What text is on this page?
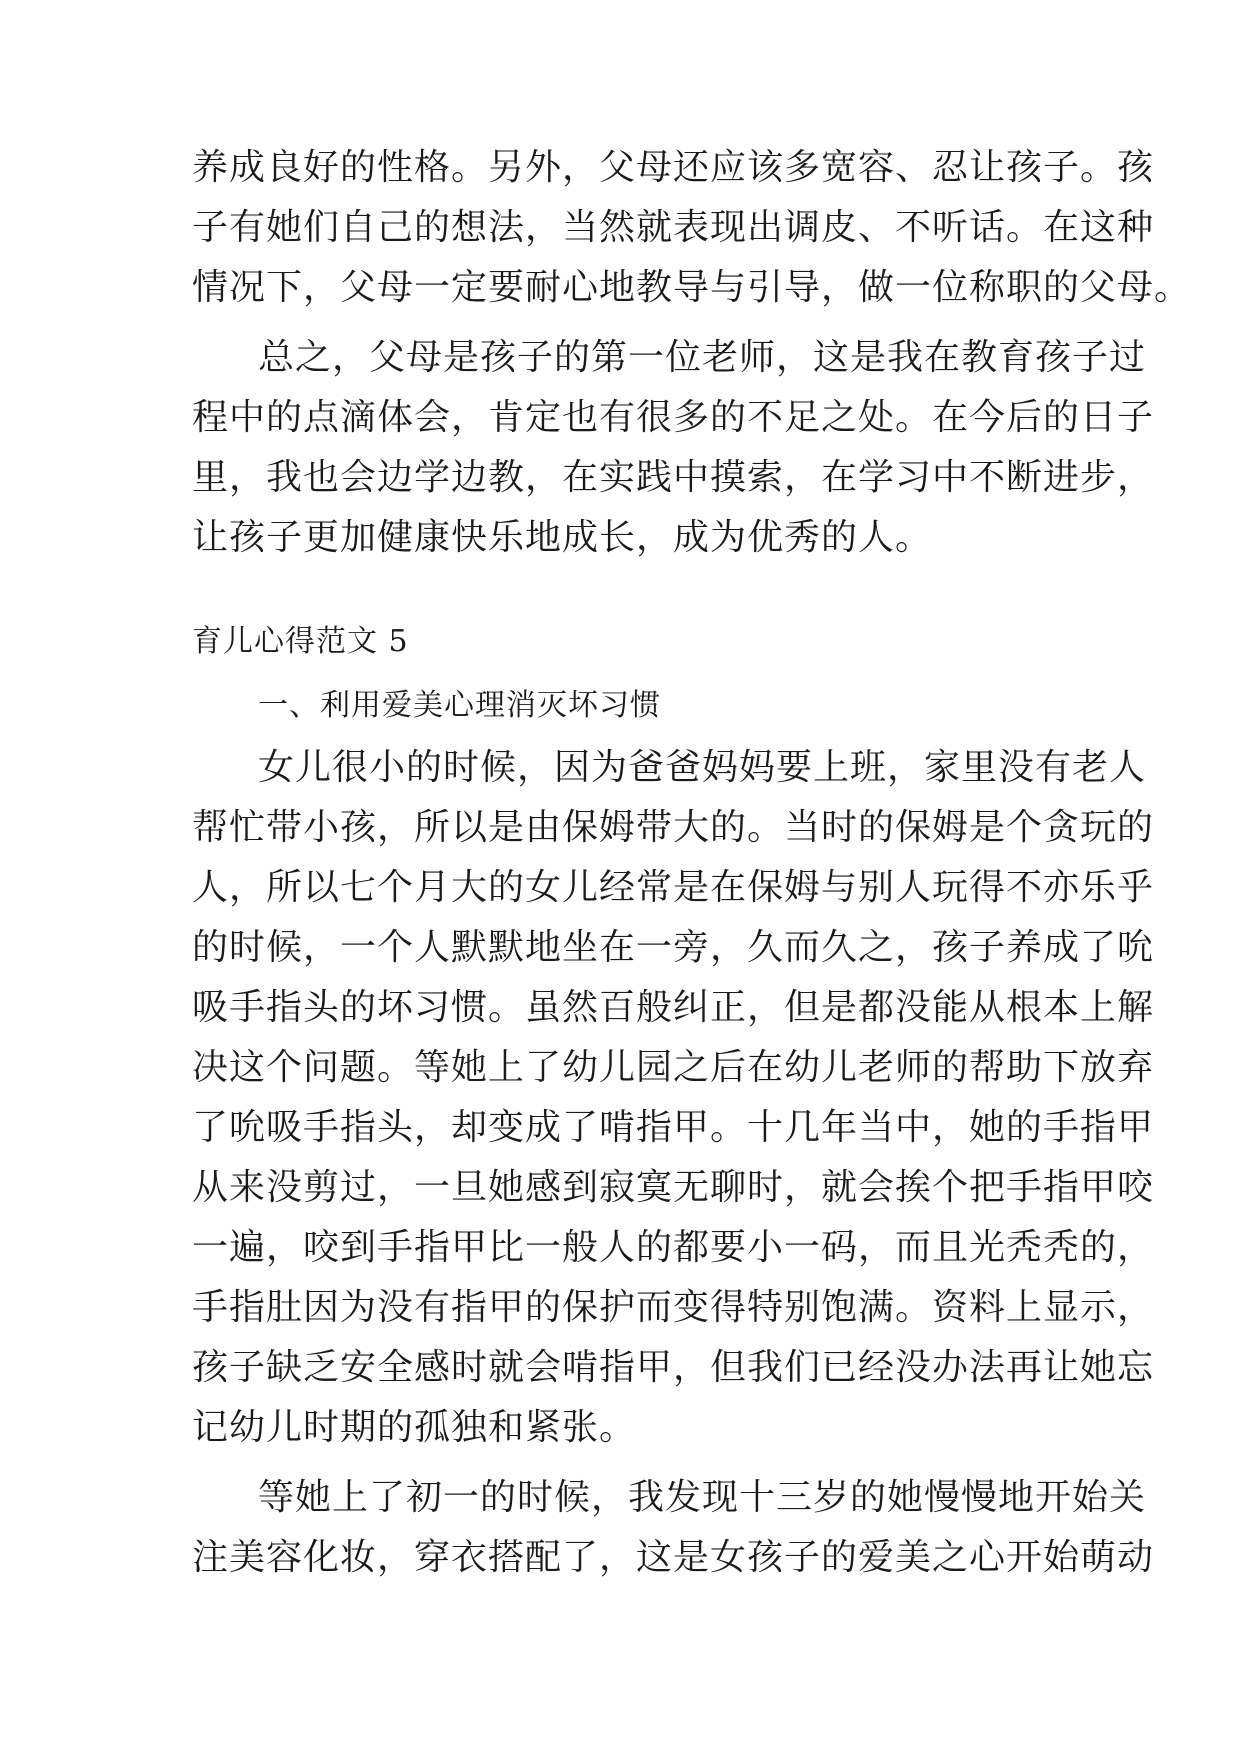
养成良好的性格。另外，父母还应该多宽容、忍让孩子。孩
子有她们自己的想法，当然就表现出调皮、不听话。在这种
情况下，父母一定要耐心地教导与引导，做一位称职的父母。
总之，父母是孩子的第一位老师，这是我在教育孩子过
程中的点滴体会，肯定也有很多的不足之处。在今后的日子
里，我也会边学边教，在实践中摸索，在学习中不断进步，
让孩子更加健康快乐地成长，成为优秀的人。
育儿心得范文 5
一、利用爱美心理消灭坏习惯
女儿很小的时候，因为爸爸妈妈要上班，家里没有老人
帮忙带小孩，所以是由保姆带大的。当时的保姆是个贪玩的
人，所以七个月大的女儿经常是在保姆与别人玩得不亦乐乎
的时候，一个人默默地坐在一旁，久而久之，孩子养成了吮
吸手指头的坏习惯。虽然百般纠正，但是都没能从根本上解
决这个问题。等她上了幼儿园之后在幼儿老师的帮助下放弃
了吮吸手指头，却变成了啃指甲。十几年当中，她的手指甲
从来没剪过，一旦她感到寂寞无聊时，就会挨个把手指甲咬
一遍，咬到手指甲比一般人的都要小一码，而且光秃秃的，
手指肚因为没有指甲的保护而变得特别饱满。资料上显示，
孩子缺乏安全感时就会啃指甲，但我们已经没办法再让她忘
记幼儿时期的孤独和紧张。
等她上了初一的时候，我发现十三岁的她慢慢地开始关
注美容化妆，穿衣搭配了，这是女孩子的爱美之心开始萌动
